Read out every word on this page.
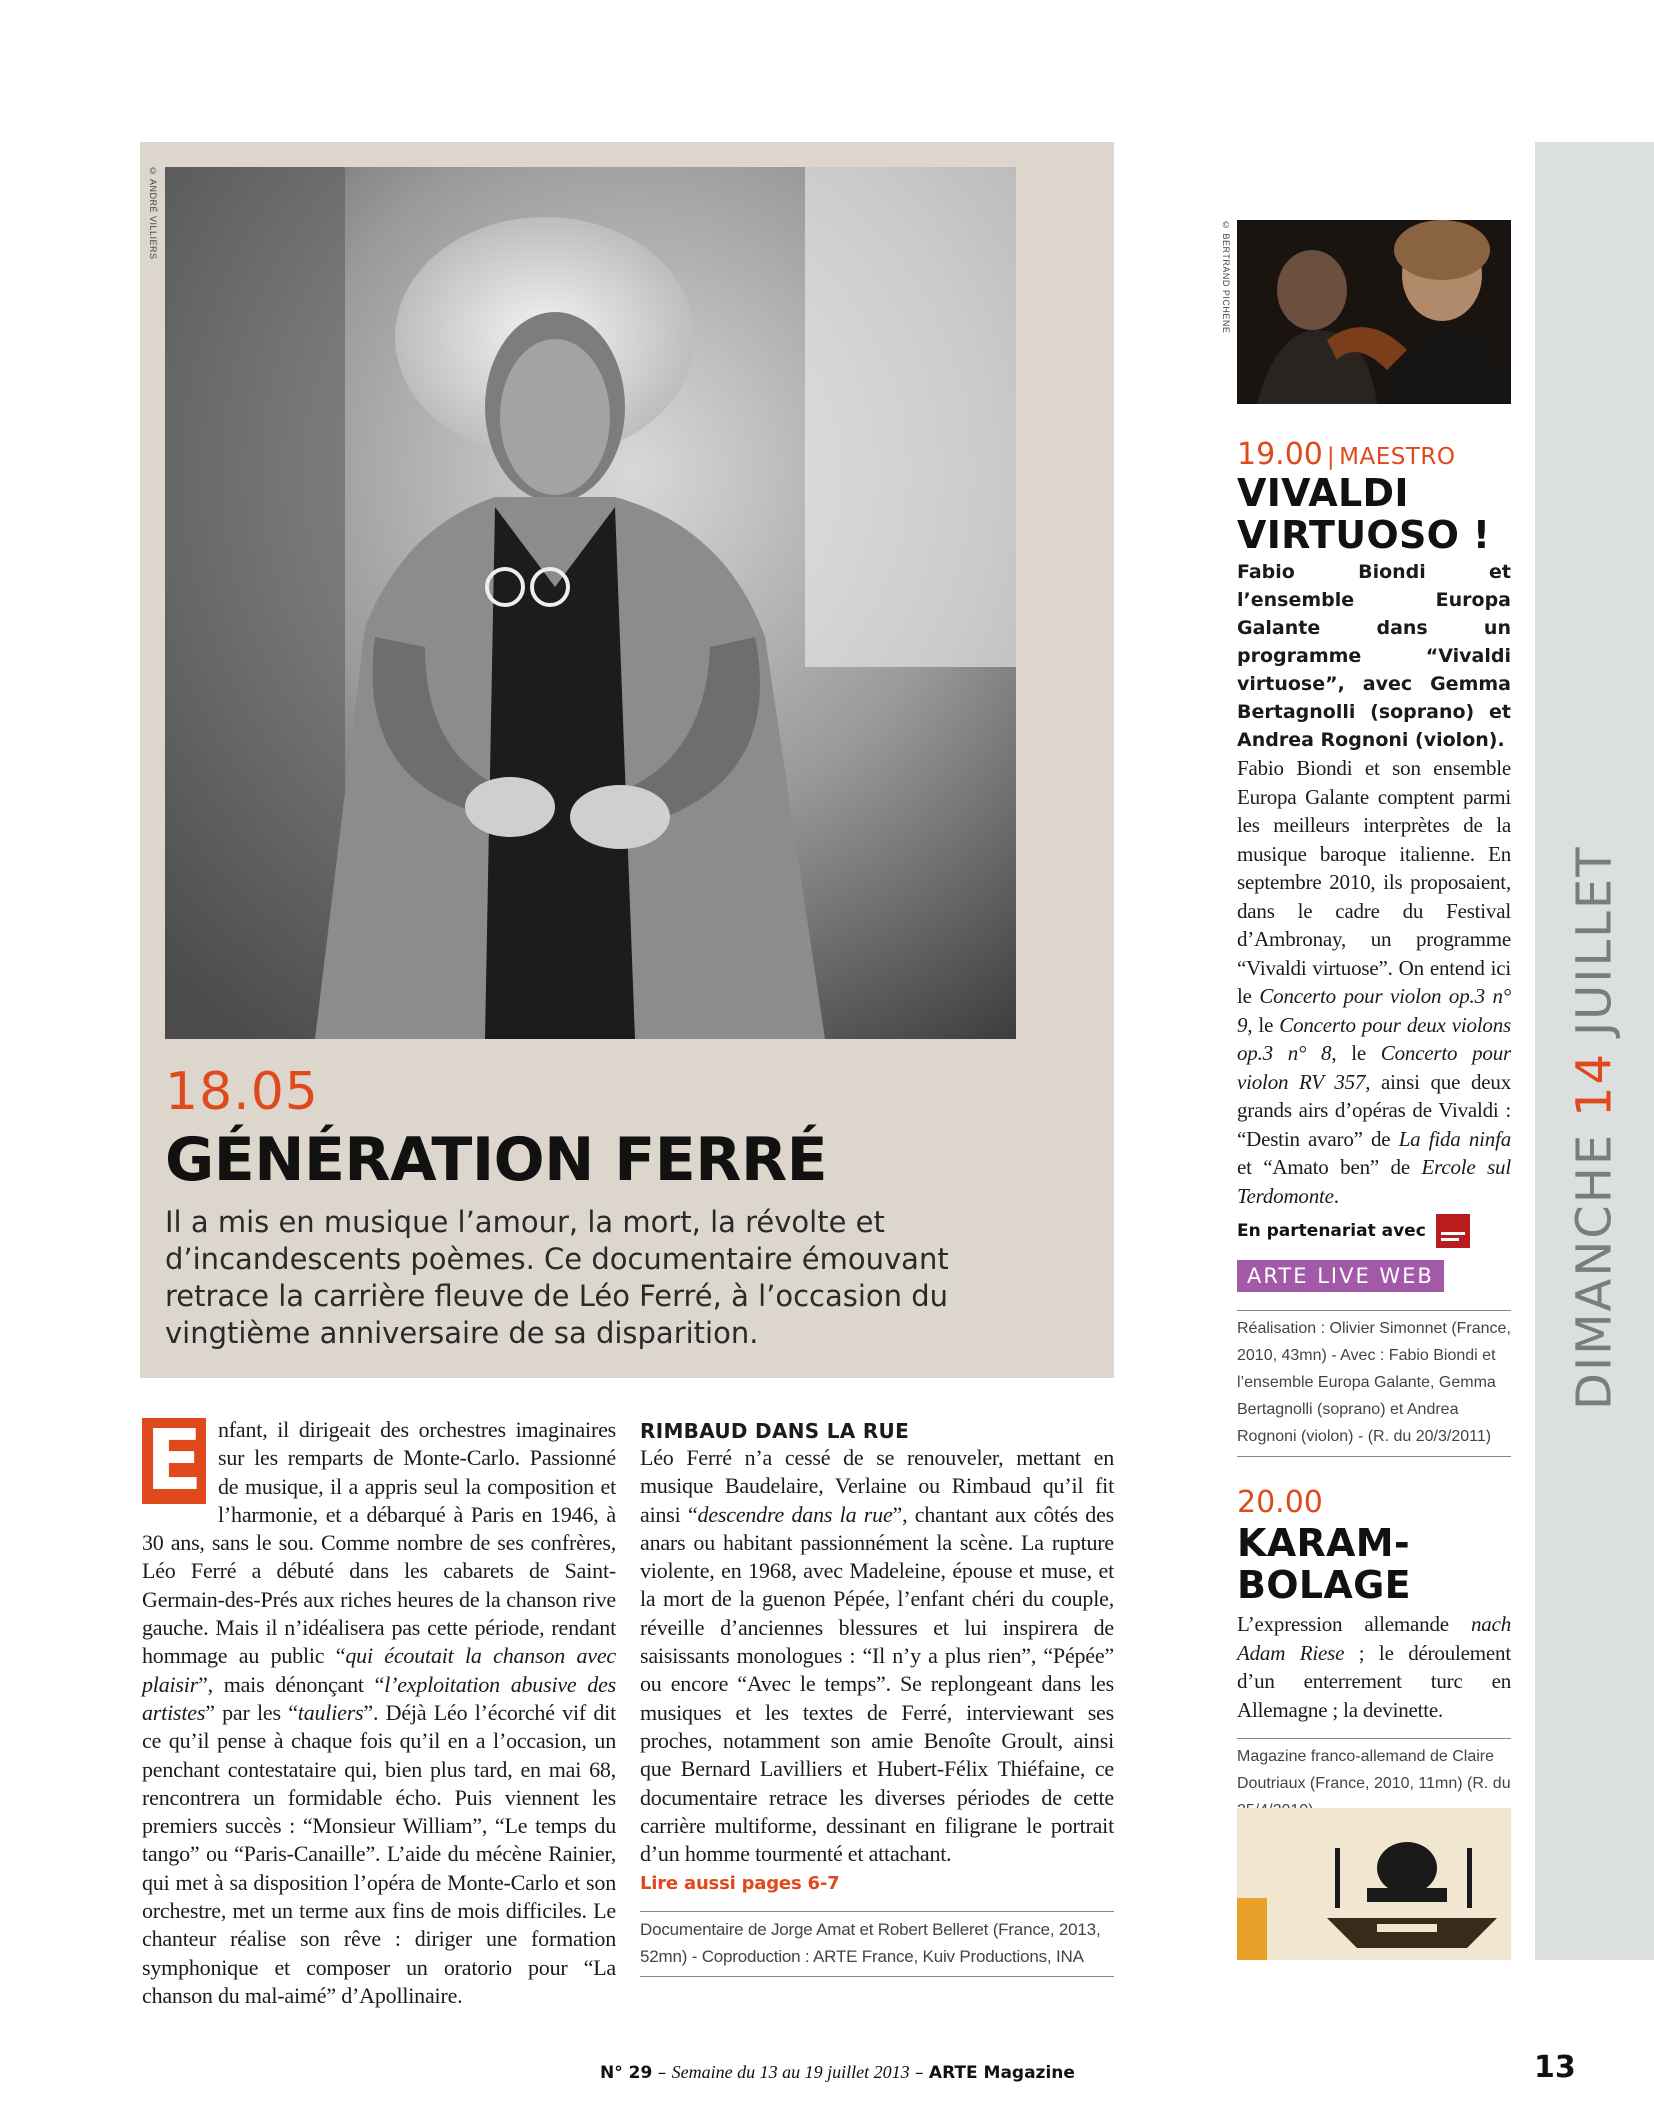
© ANDRÉ VILLIERS
18.05
GÉNÉRATION FERRÉ
Il a mis en musique l’amour, la mort, la révolte et d’incandescents poèmes. Ce documentaire émouvant retrace la carrière fleuve de Léo Ferré, à l’occasion du vingtième anniversaire de sa disparition.
E nfant, il dirigeait des orchestres imaginaires sur les remparts de Monte-Carlo. Passionné de musique, il a appris seul la composition et l’harmonie, et a débarqué à Paris en 1946, à 30 ans, sans le sou. Comme nombre de ses confrères, Léo Ferré a débuté dans les cabarets de Saint-Germain-des-Prés aux riches heures de la chanson rive gauche. Mais il n’idéalisera pas cette période, rendant hommage au public “qui écoutait la chanson avec plaisir”, mais dénonçant “l’exploitation abusive des artistes” par les “tauliers”. Déjà Léo l’écorché vif dit ce qu’il pense à chaque fois qu’il en a l’occasion, un penchant contestataire qui, bien plus tard, en mai 68, rencontrera un formidable écho. Puis viennent les premiers succès : “Monsieur William”, “Le temps du tango” ou “Paris-Canaille”. L’aide du mécène Rainier, qui met à sa disposition l’opéra de Monte-Carlo et son orchestre, met un terme aux fins de mois difficiles. Le chanteur réalise son rêve : diriger une formation symphonique et composer un oratorio pour “La chanson du mal-aimé” d’Apollinaire.
RIMBAUD DANS LA RUE
Léo Ferré n’a cessé de se renouveler, mettant en musique Baudelaire, Verlaine ou Rimbaud qu’il fit ainsi “descendre dans la rue”, chantant aux côtés des anars ou habitant passionnément la scène. La rupture violente, en 1968, avec Madeleine, épouse et muse, et la mort de la guenon Pépée, l’enfant chéri du couple, réveille d’anciennes blessures et lui inspirera de saisissants monologues : “Il n’y a plus rien”, “Pépée” ou encore “Avec le temps”. Se replongeant dans les musiques et les textes de Ferré, interviewant ses proches, notamment son amie Benoîte Groult, ainsi que Bernard Lavilliers et Hubert-Félix Thiéfaine, ce documentaire retrace les diverses périodes de cette carrière multiforme, dessinant en filigrane le portrait d’un homme tourmenté et attachant.
Lire aussi pages 6-7
Documentaire de Jorge Amat et Robert Belleret (France, 2013, 52mn) - Coproduction : ARTE France, Kuiv Productions, INA
© BERTRAND PICHENE
19.00 | MAESTRO
VIVALDI VIRTUOSO !
Fabio Biondi et l’ensemble Europa Galante dans un programme “Vivaldi virtuose”, avec Gemma Bertagnolli (soprano) et Andrea Rognoni (violon).
Fabio Biondi et son ensemble Europa Galante comptent parmi les meilleurs interprètes de la musique baroque italienne. En septembre 2010, ils proposaient, dans le cadre du Festival d’Ambronay, un programme “Vivaldi virtuose”. On entend ici le Concerto pour violon op.3 n° 9, le Concerto pour deux violons op.3 n° 8, le Concerto pour violon RV 357, ainsi que deux grands airs d’opéras de Vivaldi : “Destin avaro” de La fida ninfa et “Amato ben” de Ercole sul Terdomonte.
En partenariat avec
ARTE LIVE WEB
Réalisation : Olivier Simonnet (France, 2010, 43mn) - Avec : Fabio Biondi et l’ensemble Europa Galante, Gemma Bertagnolli (soprano) et Andrea Rognoni (violon) - (R. du 20/3/2011)
20.00
KARAM-BOLAGE
L’expression allemande nach Adam Riese ; le déroulement d’un enterrement turc en Allemagne ; la devinette.
Magazine franco-allemand de Claire Doutriaux (France, 2010, 11mn) (R. du
DIMANCHE
14
JUILLET
N° 29 – Semaine du 13 au 19 juillet 2013 – ARTE Magazine	13
